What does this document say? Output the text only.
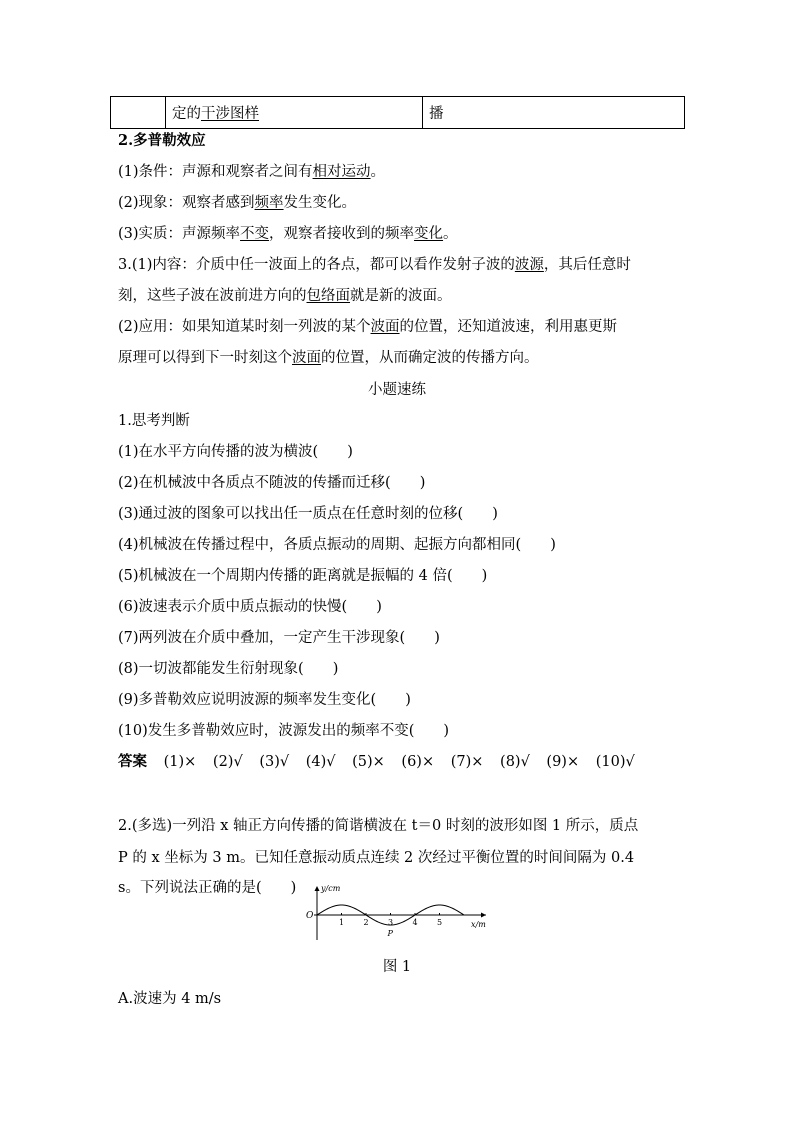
	定的干涉图样	播
2.多普勒效应
(1)条件：声源和观察者之间有相对运动。
(2)现象：观察者感到频率发生变化。
(3)实质：声源频率不变，观察者接收到的频率变化。
3.(1)内容：介质中任一波面上的各点，都可以看作发射子波的波源，其后任意时
刻，这些子波在波前进方向的包络面就是新的波面。
(2)应用：如果知道某时刻一列波的某个波面的位置，还知道波速，利用惠更斯
原理可以得到下一时刻这个波面的位置，从而确定波的传播方向。
小题速练
1.思考判断
(1)在水平方向传播的波为横波(　　)
(2)在机械波中各质点不随波的传播而迁移(　　)
(3)通过波的图象可以找出任一质点在任意时刻的位移(　　)
(4)机械波在传播过程中，各质点振动的周期、起振方向都相同(　　)
(5)机械波在一个周期内传播的距离就是振幅的 4 倍(　　)
(6)波速表示介质中质点振动的快慢(　　)
(7)两列波在介质中叠加，一定产生干涉现象(　　)
(8)一切波都能发生衍射现象(　　)
(9)多普勒效应说明波源的频率发生变化(　　)
(10)发生多普勒效应时，波源发出的频率不变(　　)
答案 (1)× (2)√ (3)√ (4)√ (5)× (6)× (7)× (8)√ (9)× (10)√
2.(多选)一列沿 x 轴正方向传播的简谐横波在 t＝0 时刻的波形如图 1 所示，质点
P 的 x 坐标为 3 m。已知任意振动质点连续 2 次经过平衡位置的时间间隔为 0.4
s。下列说法正确的是(　　)
1 2 3 4 5
y/cm
x/m
O
P
图 1
A.波速为 4 m/s
